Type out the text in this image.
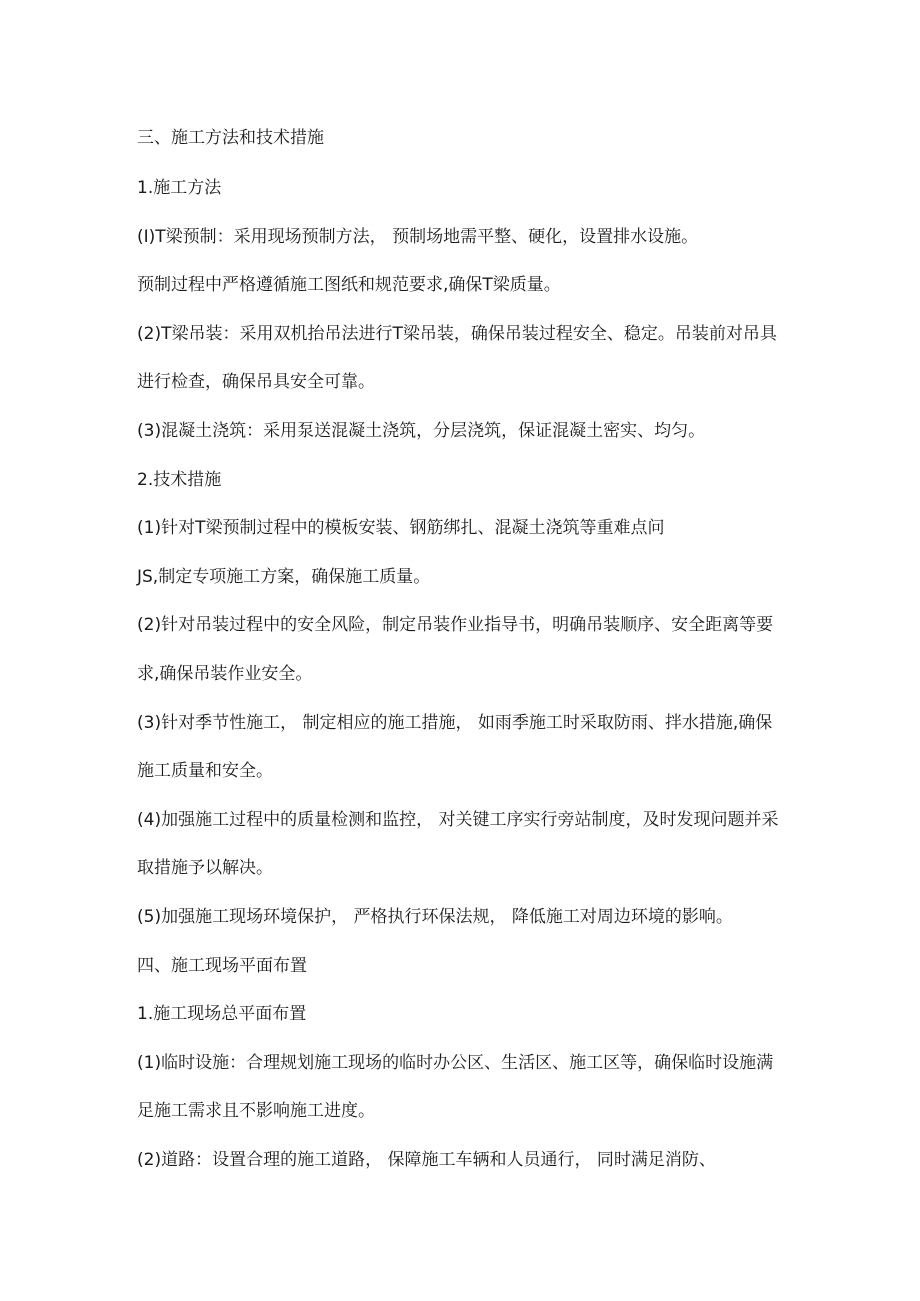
三、施工方法和技术措施
1.施工方法
(I)T梁预制：采用现场预制方法， 预制场地需平整、硬化，设置排水设施。
预制过程中严格遵循施工图纸和规范要求,确保T梁质量。
(2)T梁吊装：采用双机抬吊法进行T梁吊装，确保吊装过程安全、稳定。吊装前对吊具
进行检查，确保吊具安全可靠。
(3)混凝土浇筑：采用泵送混凝土浇筑，分层浇筑，保证混凝土密实、均匀。
2.技术措施
(1)针对T梁预制过程中的模板安装、钢筋绑扎、混凝土浇筑等重难点问
JS,制定专项施工方案，确保施工质量。
(2)针对吊装过程中的安全风险，制定吊装作业指导书，明确吊装顺序、安全距离等要
求,确保吊装作业安全。
(3)针对季节性施工， 制定相应的施工措施， 如雨季施工时采取防雨、拌水措施,确保
施工质量和安全。
(4)加强施工过程中的质量检测和监控， 对关键工序实行旁站制度，及时发现问题并采
取措施予以解决。
(5)加强施工现场环境保护， 严格执行环保法规， 降低施工对周边环境的影响。
四、施工现场平面布置
1.施工现场总平面布置
(1)临时设施：合理规划施工现场的临时办公区、生活区、施工区等，确保临时设施满
足施工需求且不影响施工进度。
(2)道路：设置合理的施工道路， 保障施工车辆和人员通行， 同时满足消防、
